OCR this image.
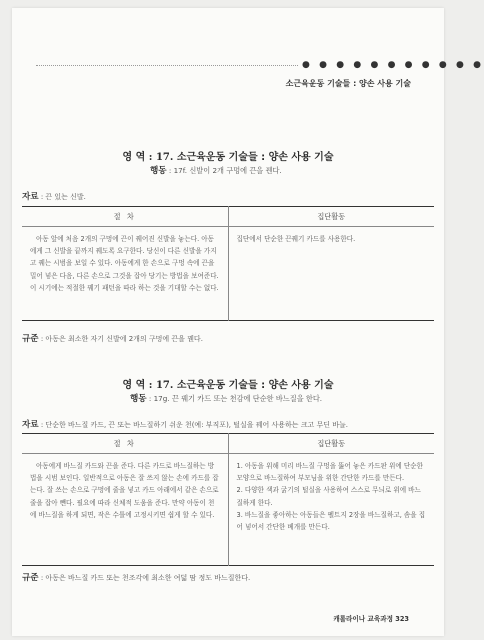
● ● ● ● ● ● ● ● ● ● ●
소근육운동 기술들 : 양손 사용 기술
영 역 : 17. 소근육운동 기술들 : 양손 사용 기술
행동 : 17f. 신발이 2개 구멍에 끈을 꿴다.
자료 : 끈 있는 신발.
절 차	집단활동

아동 앞에 처음 2개의 구멍에 끈이 꿰어진 신발을 놓는다. 아동에게 그 신발을 끝까지 꿰도록 요구한다. 당신이 다른 신발을 가지고 꿰는 시범을 보일 수 있다. 아동에게 한 손으로 구멍 속에 끈을 밀어 넣은 다음, 다른 손으로 그것을 잡아 당기는 방법을 보여준다. 이 시기에는 적절한 꿰기 패턴을 따라 하는 것을 기대할 수는 없다.	집단에서 단순한 끈꿰기 카드를 사용한다.

규준 : 아동은 최소한 자기 신발에 2개의 구멍에 끈을 꿴다.
영 역 : 17. 소근육운동 기술들 : 양손 사용 기술
행동 : 17g. 끈 꿰기 카드 또는 천감에 단순한 바느질을 한다.
자료 : 단순한 바느질 카드, 끈 또는 바느질하기 쉬운 천(예: 부직포), 털실을 꿰어 사용하는 크고 무딘 바늘.
절 차	집단활동

아동에게 바느질 카드와 끈을 준다. 다른 카드로 바느질하는 방법을 시범 보인다. 일반적으로 아동은 잘 쓰지 않는 손에 카드를 잡는다. 잘 쓰는 손으로 구멍에 줄을 넣고 카드 아래에서 같은 손으로 줄을 잡아 뺀다. 필요에 따라 신체적 도움을 준다. 만약 아동이 천에 바느질을 하게 되면, 작은 수틀에 고정시키면 쉽게 할 수 있다.	1. 아동을 위해 미리 바느질 구멍을 뚫어 놓은 카드판 위에 단순한 모양으로 바느질하여 부모님을 위한 간단한 카드를 만든다.

2. 다양한 색과 굵기의 털실을 사용하여 스스로 무늬로 위에 바느질하게 한다.

3. 바느질을 좋아하는 아동들은 펠트지 2장을 바느질하고, 솜을 집어 넣어서 간단한 베개를 만든다.

규준 : 아동은 바느질 카드 또는 천조각에 최소한 여덟 땀 정도 바느질한다.
캐롤라이나 교육과정 323
